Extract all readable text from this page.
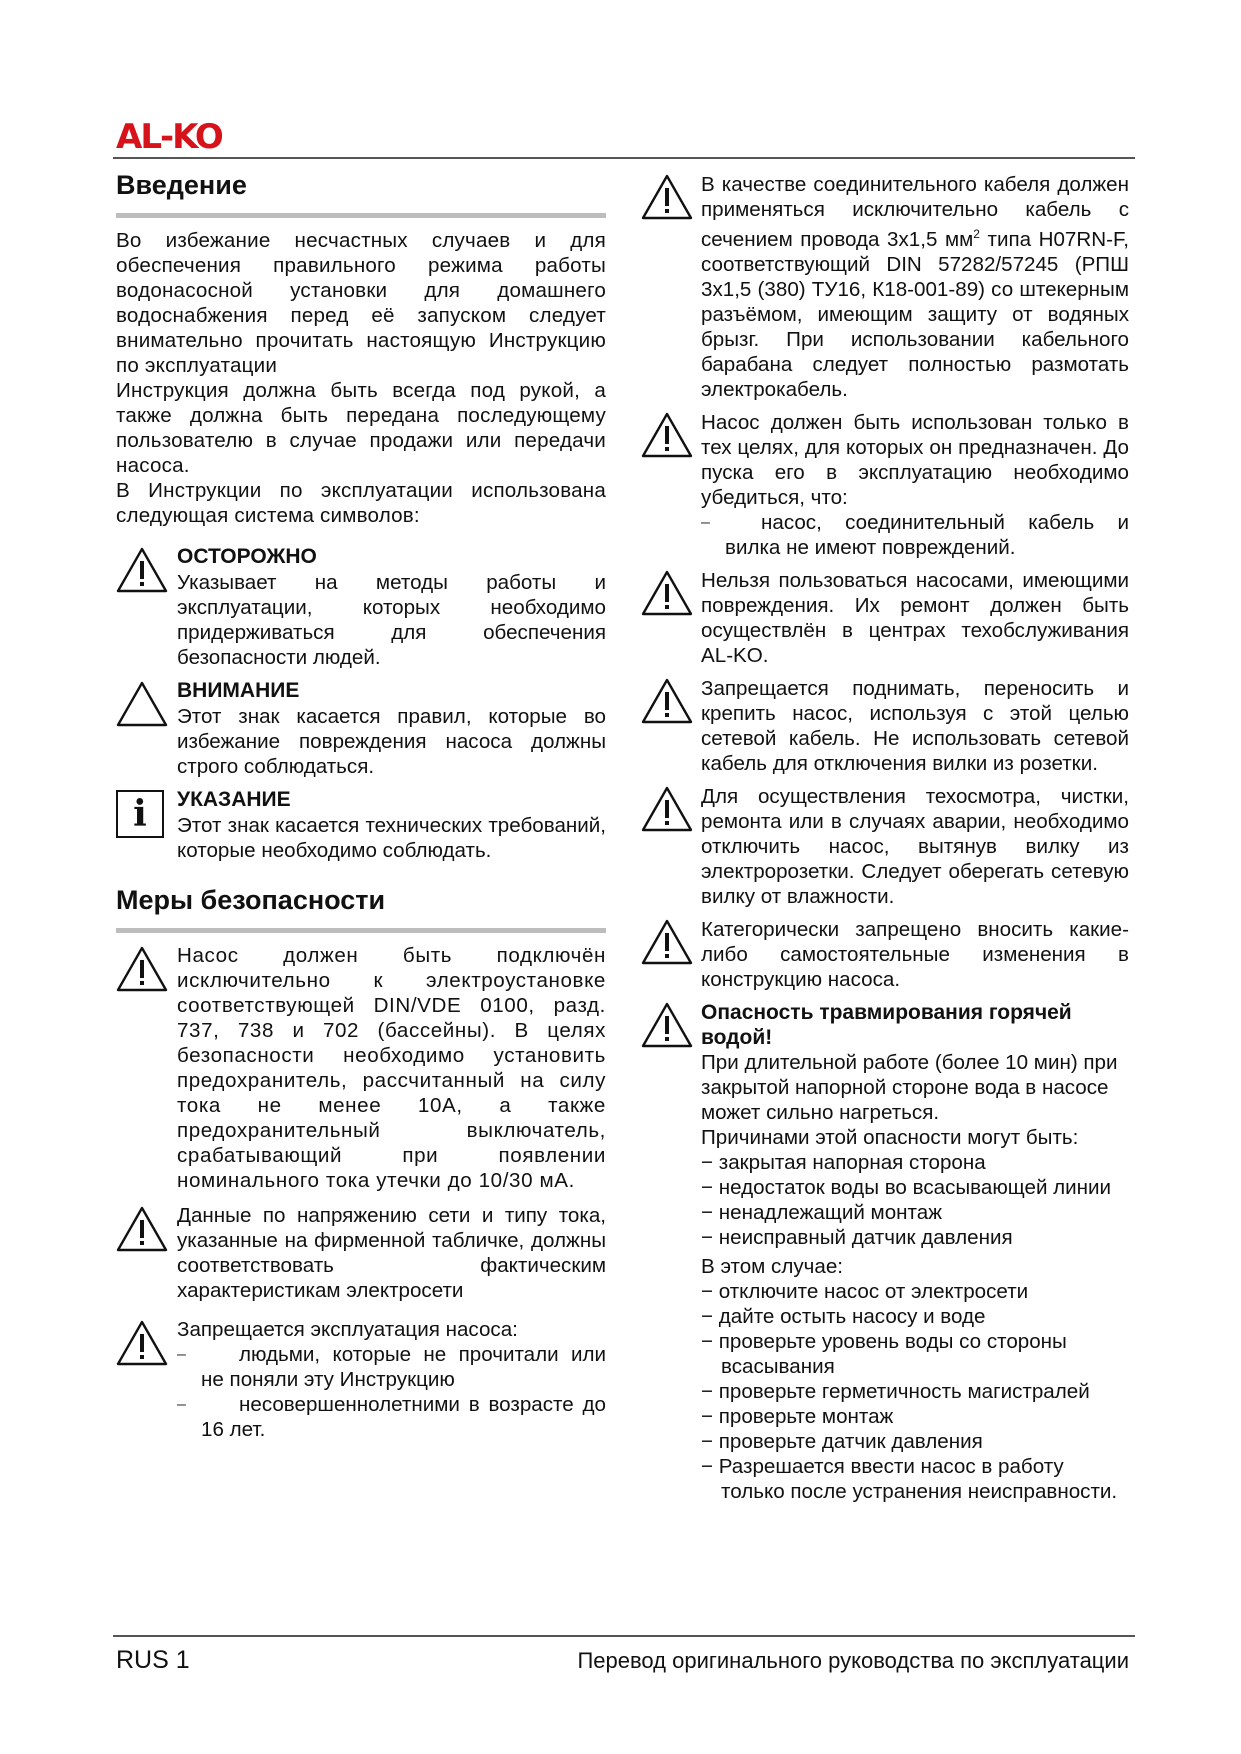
AL-KO
Введение

Во избежание несчастных случаев и для обеспечения правильного режима работы водонасосной установки для домашнего водоснабжения перед её запуском следует внимательно прочитать настоящую Инструкцию по эксплуатации

Инструкция должна быть всегда под рукой, а также должна быть передана последующему пользователю в случае продажи или передачи насоса.

В Инструкции по эксплуатации использована следующая система символов:

ОСТОРОЖНО

Указывает на методы работы и эксплуатации, которых необходимо придерживаться для обеспечения безопасности людей.

ВНИМАНИЕ

Этот знак касается правил, которые во избежание повреждения насоса должны строго соблюдаться.

i	УКАЗАНИЕ

Этот знак касается технических требований, которые необходимо соблюдать.

Меры безопасности

Насос должен быть подключён исключительно к электроустановке соответствующей DIN/VDE 0100, разд. 737, 738 и 702 (бассейны). В целях безопасности необходимо установить предохранитель, рассчитанный на силу тока не менее 10А, а также предохранительный выключатель, срабатывающий при появлении номинального тока утечки до 10/30 мА.

Данные по напряжению сети и типу тока, указанные на фирменной табличке, должны соответствовать фактическим характеристикам электросети

Запрещается эксплуатация насоса:

– людьми, которые не прочитали или не поняли эту Инструкцию
– несовершеннолетними в возрасте до 16 лет.

В качестве соединительного кабеля должен применяться исключительно кабель с сечением провода 3x1,5 $мм^2$ типа H07RN-F, соответствующий DIN 57282/57245 (РПШ 3x1,5 (380) ТУ16, К18-001-89) со штекерным разъёмом, имеющим защиту от водяных брызг. При использовании кабельного барабана следует полностью размотать электрокабель.

Насос должен быть использован только в тех целях, для которых он предназначен. До пуска его в эксплуатацию необходимо убедиться, что:

– насос, соединительный кабель и вилка не имеют повреждений.

Нельзя пользоваться насосами, имеющими повреждения. Их ремонт должен быть осуществлён в центрах техобслуживания AL-KO.

Запрещается поднимать, переносить и крепить насос, используя с этой целью сетевой кабель. Не использовать сетевой кабель для отключения вилки из розетки.

Для осуществления техосмотра, чистки, ремонта или в случаях аварии, необходимо отключить насос, вытянув вилку из электророзетки. Следует оберегать сетевую вилку от влажности.

Категорически запрещено вносить какие-либо самостоятельные изменения в конструкцию насоса.

Опасность травмирования горячей водой!

При длительной работе (более 10 мин) при закрытой напорной стороне вода в насосе может сильно нагреться.

Причинами этой опасности могут быть:

− закрытая напорная сторона
− недостаток воды во всасывающей линии
− ненадлежащий монтаж
− неисправный датчик давления

В этом случае:

− отключите насос от электросети
− дайте остыть насосу и воде
− проверьте уровень воды со стороны всасывания
− проверьте герметичность магистралей
− проверьте монтаж
− проверьте датчик давления
− Разрешается ввести насос в работу только после устранения неисправности.
RUS 1	Перевод оригинального руководства по эксплуатации
